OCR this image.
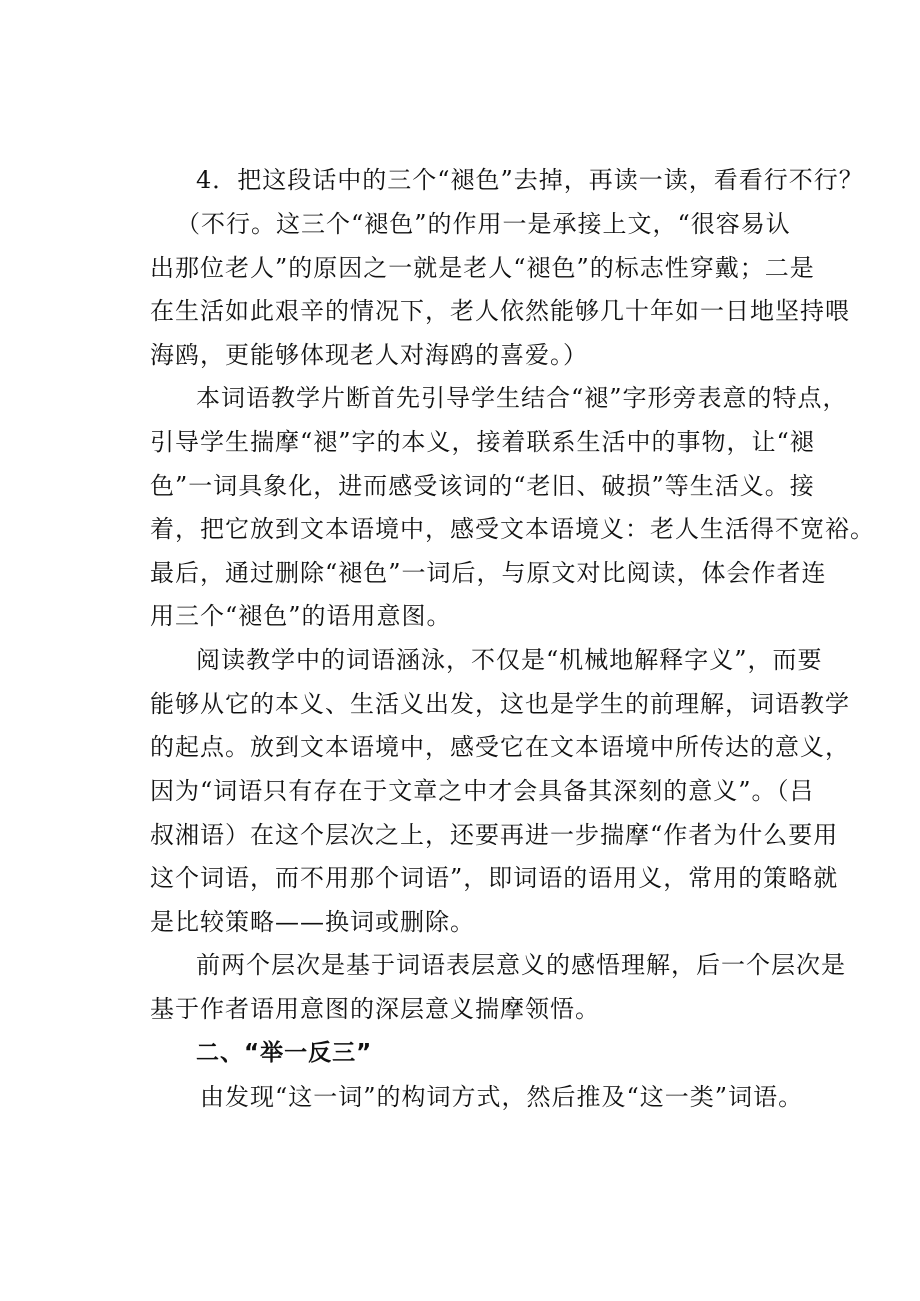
4．把这段话中的三个“褪色”去掉，再读一读，看看行不行？
（不行。这三个“褪色”的作用一是承接上文，“很容易认
出那位老人”的原因之一就是老人“褪色”的标志性穿戴；二是
在生活如此艰辛的情况下，老人依然能够几十年如一日地坚持喂
海鸥，更能够体现老人对海鸥的喜爱。）
本词语教学片断首先引导学生结合“褪”字形旁表意的特点，
引导学生揣摩“褪”字的本义，接着联系生活中的事物，让“褪
色”一词具象化，进而感受该词的“老旧、破损”等生活义。接
着，把它放到文本语境中，感受文本语境义：老人生活得不宽裕。
最后，通过删除“褪色”一词后，与原文对比阅读，体会作者连
用三个“褪色”的语用意图。
阅读教学中的词语涵泳，不仅是“机械地解释字义”，而要
能够从它的本义、生活义出发，这也是学生的前理解，词语教学
的起点。放到文本语境中，感受它在文本语境中所传达的意义，
因为“词语只有存在于文章之中才会具备其深刻的意义”。（吕
叔湘语）在这个层次之上，还要再进一步揣摩“作者为什么要用
这个词语，而不用那个词语”，即词语的语用义，常用的策略就
是比较策略——换词或删除。
前两个层次是基于词语表层意义的感悟理解，后一个层次是
基于作者语用意图的深层意义揣摩领悟。
二、“举一反三”
由发现“这一词”的构词方式，然后推及“这一类”词语。
